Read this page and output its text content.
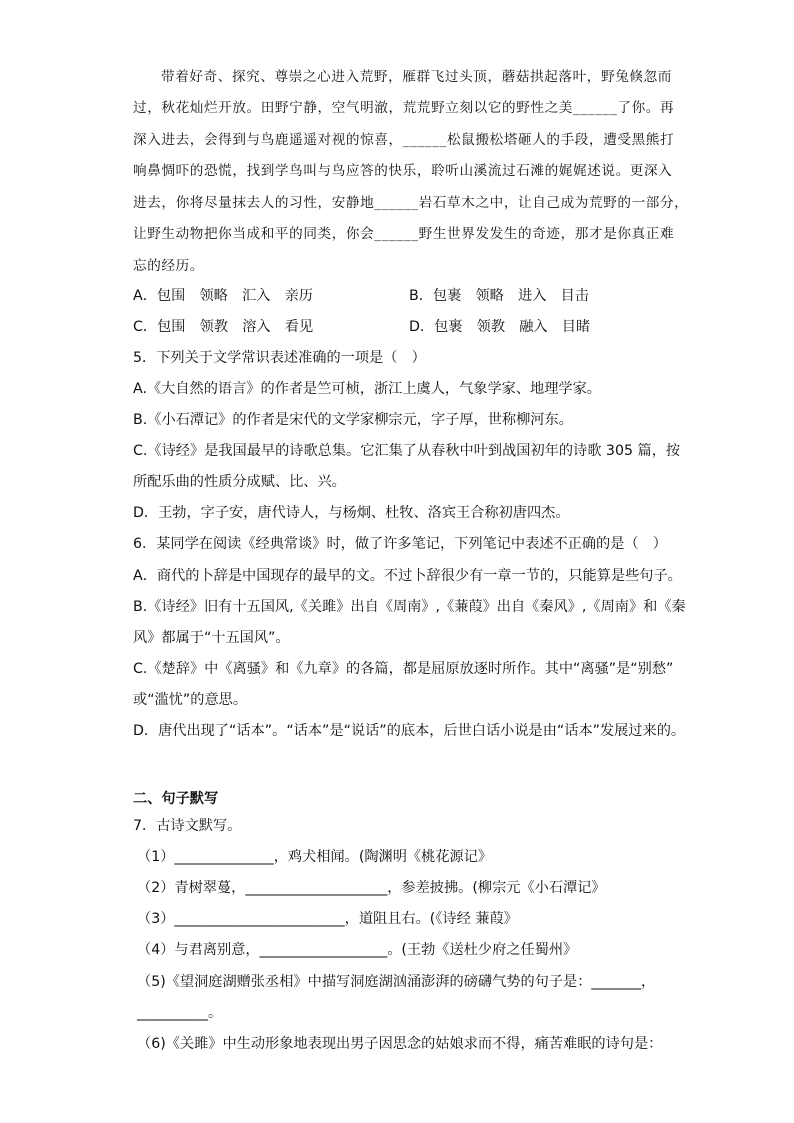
带着好奇、探究、尊崇之心进入荒野，雁群飞过头顶，蘑菇拱起落叶，野兔倏忽而
过，秋花灿烂开放。田野宁静，空气明澈，荒荒野立刻以它的野性之美______了你。再
深入进去，会得到与鸟鹿遥遥对视的惊喜，______松鼠搬松塔砸人的手段，遭受黑熊打
响鼻惆吓的恐慌，找到学鸟叫与鸟应答的快乐，聆听山溪流过石滩的娓娓述说。更深入
进去，你将尽量抹去人的习性，安静地______岩石草木之中，让自己成为荒野的一部分，
让野生动物把你当成和平的同类，你会______野生世界发发生的奇迹，那才是你真正难
忘的经历。
A．包围　领略　汇入　亲历	B．包裹　领略　进入　目击
C．包围　领教　溶入　看见	D．包裹　领教　融入　目睹
5．下列关于文学常识表述准确的一项是（　）
A.《大自然的语言》的作者是竺可桢，浙江上虞人，气象学家、地理学家。
B.《小石潭记》的作者是宋代的文学家柳宗元，字子厚，世称柳河东。
C.《诗经》是我国最早的诗歌总集。它汇集了从春秋中叶到战国初年的诗歌 305 篇，按
所配乐曲的性质分成赋、比、兴。
D．王勃，字子安，唐代诗人，与杨炯、杜牧、洛宾王合称初唐四杰。
6．某同学在阅读《经典常谈》时，做了许多笔记，下列笔记中表述不正确的是（　）
A．商代的卜辞是中国现存的最早的文。不过卜辞很少有一章一节的，只能算是些句子。
B.《诗经》旧有十五国风,《关雎》出自《周南》,《蒹葭》出自《秦风》,《周南》和《秦
风》都属于“十五国风”。
C.《楚辞》中《离骚》和《九章》的各篇，都是屈原放逐时所作。其中“离骚”是“别愁”
或“滥忧”的意思。
D．唐代出现了“话本”。“话本”是“说话”的底本，后世白话小说是由“话本”发展过来的。
二、句子默写
7．古诗文默写。
（1）______________，鸡犬相闻。(陶渊明《桃花源记》
（2）青树翠蔓，____________________，参差披拂。(柳宗元《小石潭记》
（3）________________________，道阻且右。(《诗经 蒹葭》
（4）与君离别意，__________________。(王勃《送杜少府之任蜀州》
（5)《望洞庭湖赠张丞相》中描写洞庭湖汹涌澎湃的磅礴气势的句子是：_______，
__________。
（6)《关雎》中生动形象地表现出男子因思念的姑娘求而不得，痛苦难眠的诗句是：
